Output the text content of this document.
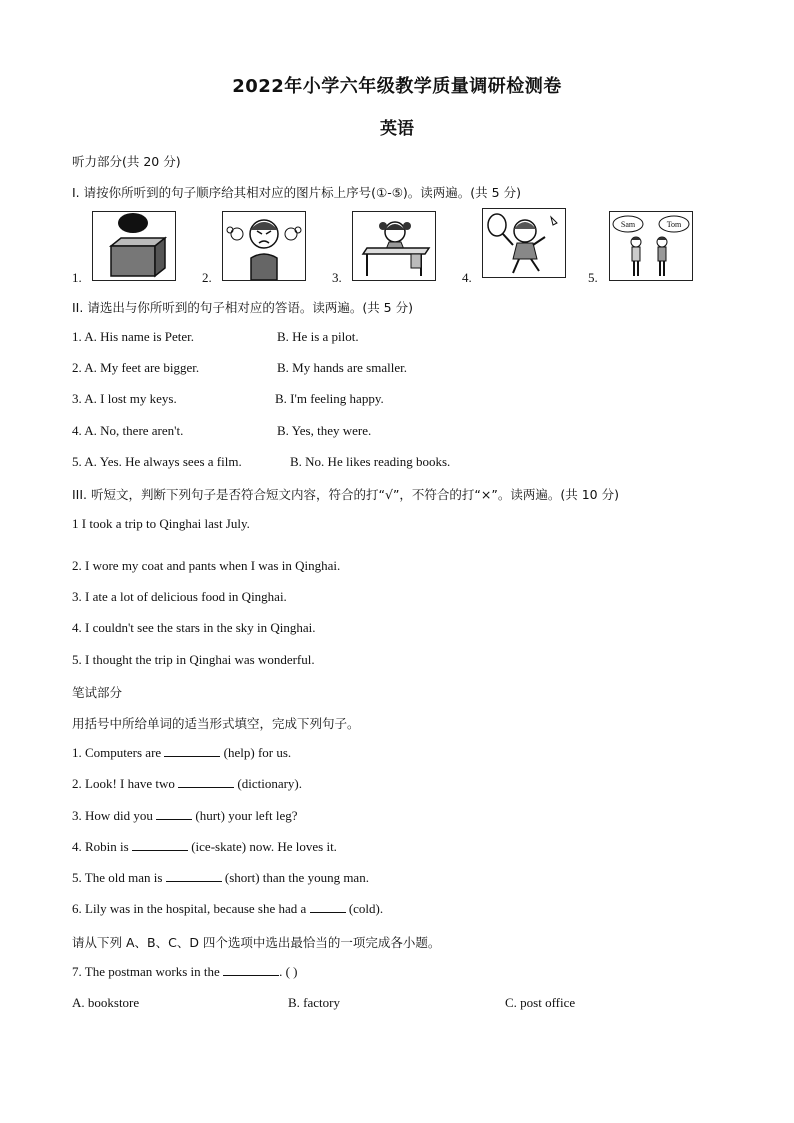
2022年小学六年级教学质量调研检测卷
英语
听力部分(共 20 分)
I. 请按你所听到的句子顺序给其相对应的图片标上序号(①-⑤)。读两遍。(共 5 分)
1.	2.	3.	4.	5.
Sam	Tom
II. 请选出与你所听到的句子相对应的答语。读两遍。(共 5 分)
1. A. His name is Peter.	B. He is a pilot.
2. A. My feet are bigger.	B. My hands are smaller.
3. A. I lost my keys.	B. I'm feeling happy.
4. A. No, there aren't.	B. Yes, they were.
5. A. Yes. He always sees a film.	B. No. He likes reading books.
III. 听短文，判断下列句子是否符合短文内容，符合的打“√”，不符合的打“×”。读两遍。(共 10 分)
1 I took a trip to Qinghai last July.
2. I wore my coat and pants when I was in Qinghai.
3. I ate a lot of delicious food in Qinghai.
4. I couldn't see the stars in the sky in Qinghai.
5. I thought the trip in Qinghai was wonderful.
笔试部分
用括号中所给单词的适当形式填空，完成下列句子。
1. Computers are	(help) for us.
2. Look! I have two	(dictionary).
3. How did you	(hurt) your left leg?
4. Robin is	(ice-skate) now. He loves it.
5. The old man is	(short) than the young man.
6. Lily was in the hospital, because she had a	(cold).
请从下列 A、B、C、D 四个选项中选出最恰当的一项完成各小题。
7. The postman works in the	. ( )
A. bookstore	B. factory	C. post office
